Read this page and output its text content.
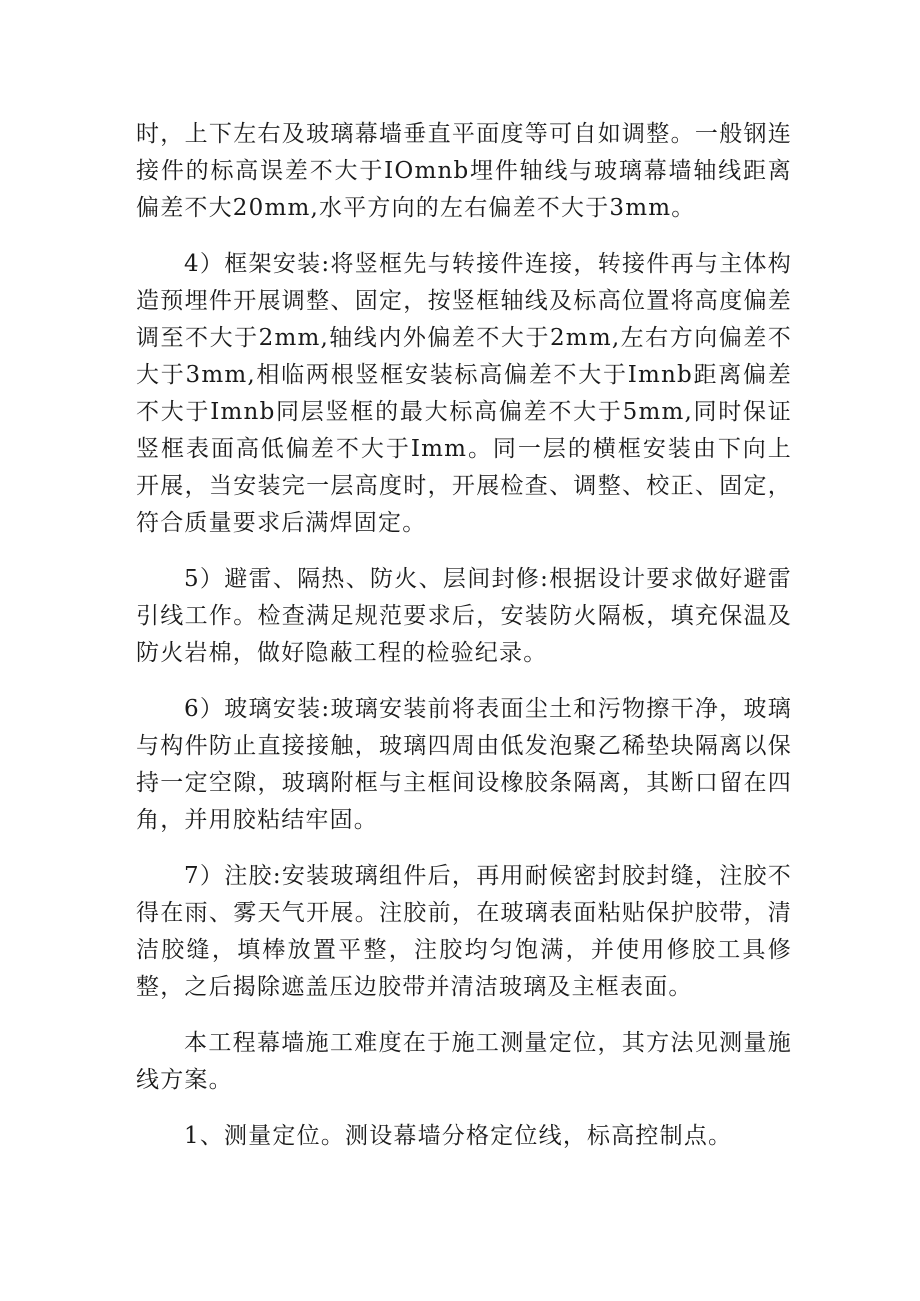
时，上下左右及玻璃幕墙垂直平面度等可自如调整。一般钢连接件的标高误差不大于IOmnb埋件轴线与玻璃幕墙轴线距离偏差不大20mm,水平方向的左右偏差不大于3mm。

4）框架安装:将竖框先与转接件连接，转接件再与主体构造预埋件开展调整、固定，按竖框轴线及标高位置将高度偏差调至不大于2mm,轴线内外偏差不大于2mm,左右方向偏差不大于3mm,相临两根竖框安装标高偏差不大于Imnb距离偏差不大于Imnb同层竖框的最大标高偏差不大于5mm,同时保证竖框表面高低偏差不大于Imm。同一层的横框安装由下向上开展，当安装完一层高度时，开展检查、调整、校正、固定，符合质量要求后满焊固定。

5）避雷、隔热、防火、层间封修:根据设计要求做好避雷引线工作。检查满足规范要求后，安装防火隔板，填充保温及防火岩棉，做好隐蔽工程的检验纪录。

6）玻璃安装:玻璃安装前将表面尘土和污物擦干净，玻璃与构件防止直接接触，玻璃四周由低发泡聚乙稀垫块隔离以保持一定空隙，玻璃附框与主框间设橡胶条隔离，其断口留在四角，并用胶粘结牢固。

7）注胶:安装玻璃组件后，再用耐候密封胶封缝，注胶不得在雨、雾天气开展。注胶前，在玻璃表面粘贴保护胶带，清洁胶缝，填棒放置平整，注胶均匀饱满，并使用修胶工具修整，之后揭除遮盖压边胶带并清洁玻璃及主框表面。

本工程幕墙施工难度在于施工测量定位，其方法见测量施线方案。

1、测量定位。测设幕墙分格定位线，标高控制点。
